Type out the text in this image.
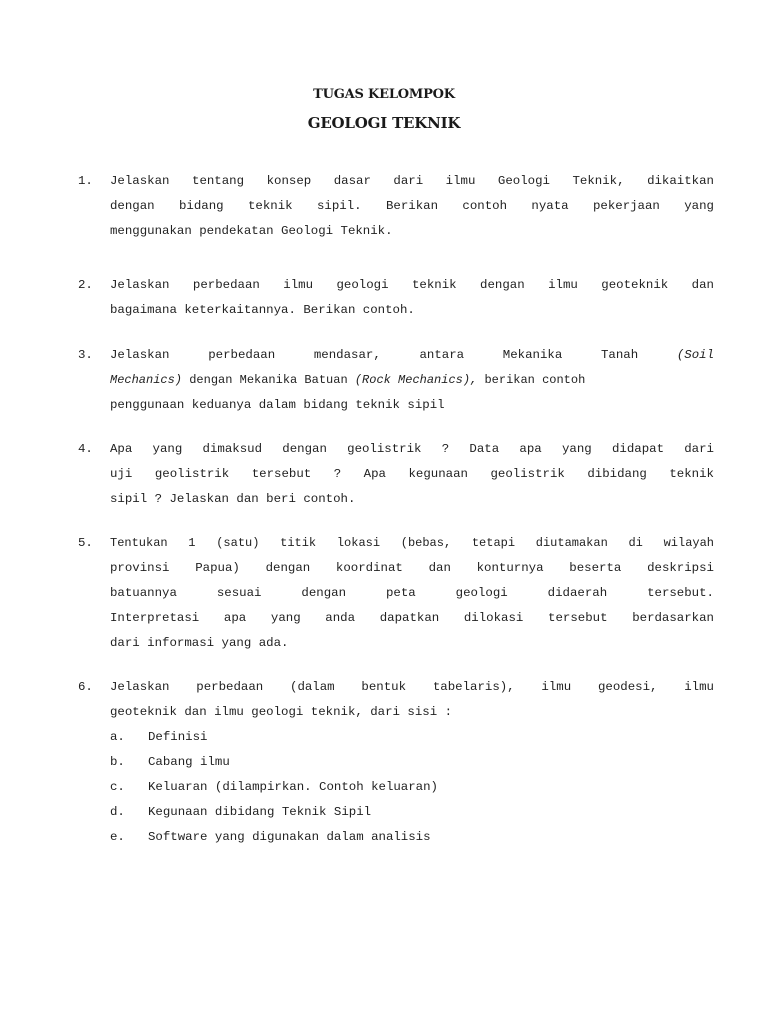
TUGAS KELOMPOK
GEOLOGI TEKNIK
1. Jelaskan tentang konsep dasar dari ilmu Geologi Teknik, dikaitkan
dengan bidang teknik sipil. Berikan contoh nyata pekerjaan yang
menggunakan pendekatan Geologi Teknik.
2. Jelaskan perbedaan ilmu geologi teknik dengan ilmu geoteknik dan
bagaimana keterkaitannya. Berikan contoh.
3. Jelaskan	perbedaan	mendasar,	antara	Mekanika	Tanah	(Soil
Mechanics) dengan Mekanika Batuan (Rock Mechanics), berikan contoh
penggunaan keduanya dalam bidang teknik sipil
4. Apa yang dimaksud dengan geolistrik ? Data apa yang didapat dari
uji geolistrik tersebut ? Apa kegunaan geolistrik dibidang teknik
sipil ? Jelaskan dan beri contoh.
5. Tentukan 1 (satu) titik lokasi (bebas, tetapi diutamakan di wilayah
provinsi Papua) dengan koordinat dan konturnya beserta deskripsi
batuannya sesuai dengan peta geologi didaerah tersebut.
Interpretasi apa yang anda dapatkan dilokasi tersebut berdasarkan
dari informasi yang ada.
6. Jelaskan perbedaan (dalam bentuk tabelaris), ilmu geodesi, ilmu
geoteknik dan ilmu geologi teknik, dari sisi :
a. Definisi
b. Cabang ilmu
c. Keluaran (dilampirkan. Contoh keluaran)
d. Kegunaan dibidang Teknik Sipil
e. Software yang digunakan dalam analisis
